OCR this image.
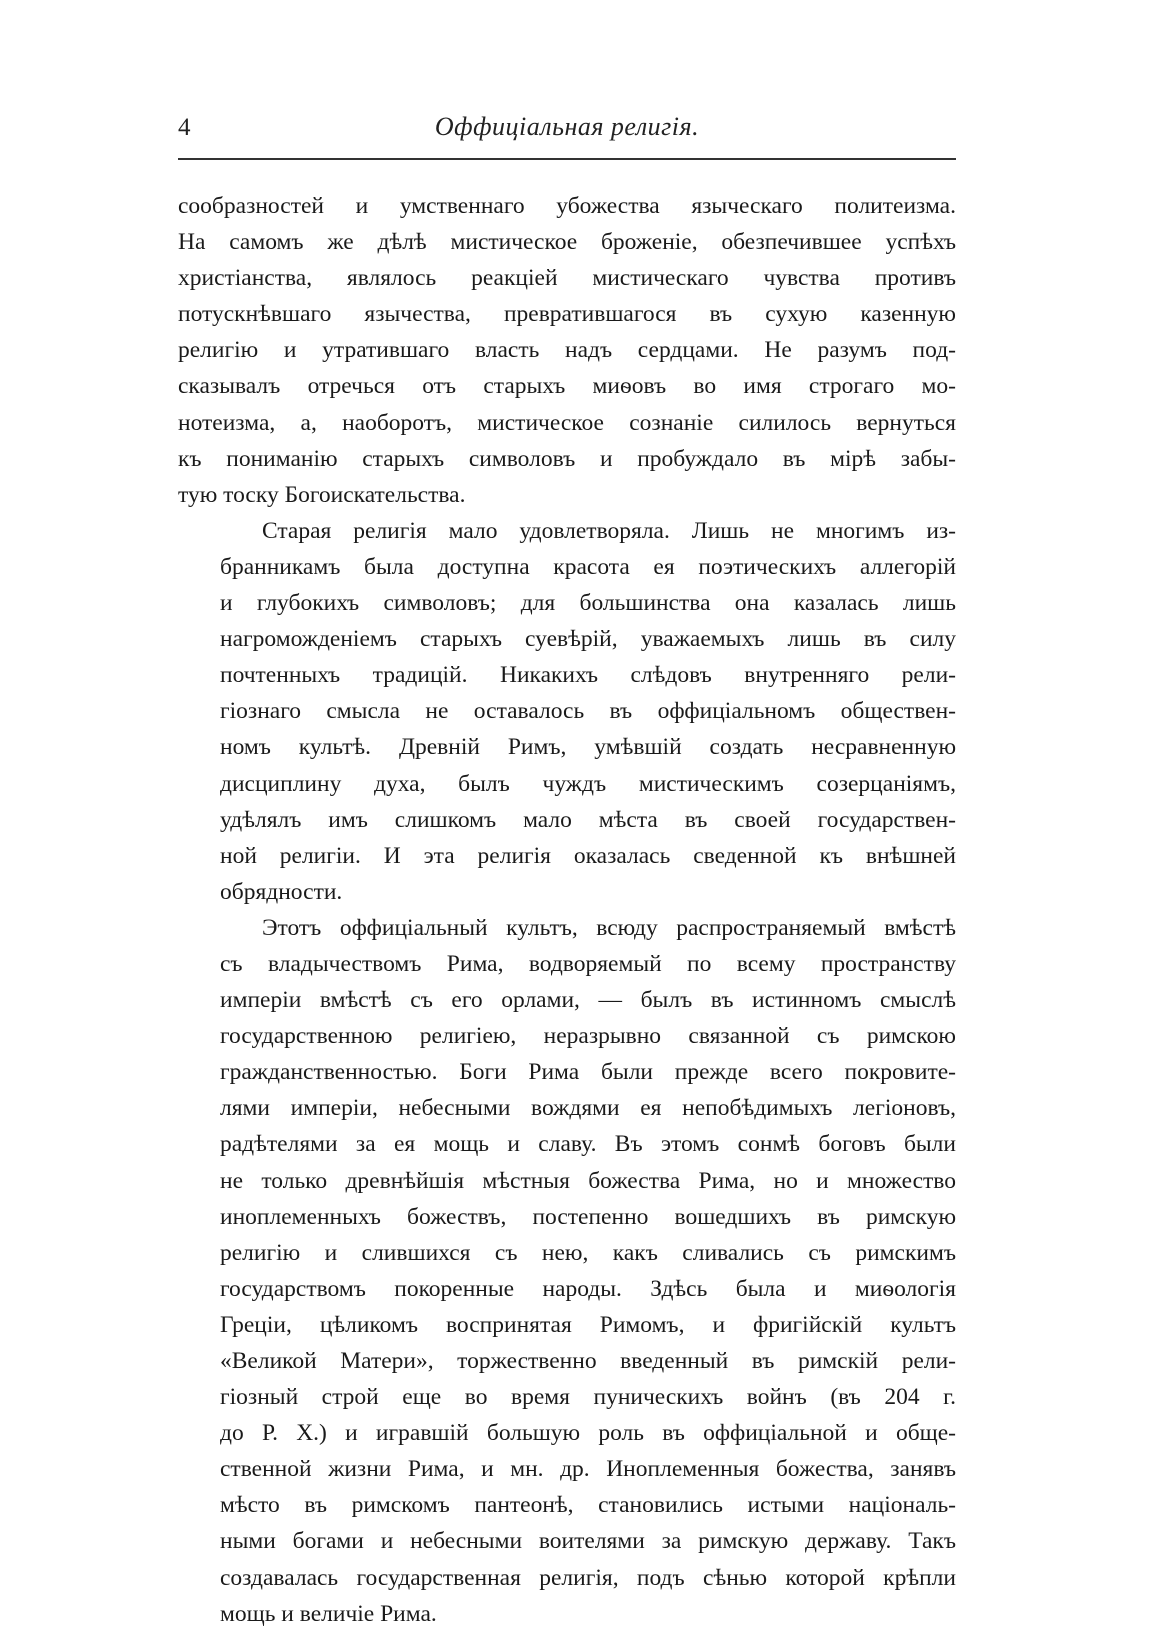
4	Оффиціальная религія.
сообразностей и умственнаго убожества языческаго политеизма.
На самомъ же дѣлѣ мистическое броженіе, обезпечившее успѣхъ
христіанства, являлось реакціей мистическаго чувства противъ
потускнѣвшаго язычества, превратившагося въ сухую казенную
религію и утратившаго власть надъ сердцами. Не разумъ под-
сказывалъ отречься отъ старыхъ миѳовъ во имя строгаго мо-
нотеизма, а, наоборотъ, мистическое сознаніе силилось вернуться
къ пониманію старыхъ символовъ и пробуждало въ мірѣ забы-
тую тоску Богоискательства.
Старая религія мало удовлетворяла. Лишь не многимъ из-
бранникамъ была доступна красота ея поэтическихъ аллегорій
и глубокихъ символовъ; для большинства она казалась лишь
нагроможденіемъ старыхъ суевѣрій, уважаемыхъ лишь въ силу
почтенныхъ традицій. Никакихъ слѣдовъ внутренняго рели-
гіознаго смысла не оставалось въ оффиціальномъ обществен-
номъ культѣ. Древній Римъ, умѣвшій создать несравненную
дисциплину духа, былъ чуждъ мистическимъ созерцаніямъ,
удѣлялъ имъ слишкомъ мало мѣста въ своей государствен-
ной религіи. И эта религія оказалась сведенной къ внѣшней
обрядности.
Этотъ оффиціальный культъ, всюду распространяемый вмѣстѣ
съ владычествомъ Рима, водворяемый по всему пространству
имперіи вмѣстѣ съ его орлами, — былъ въ истинномъ смыслѣ
государственною религіею, неразрывно связанной съ римскою
гражданственностью. Боги Рима были прежде всего покровите-
лями имперіи, небесными вождями ея непобѣдимыхъ легіоновъ,
радѣтелями за ея мощь и славу. Въ этомъ сонмѣ боговъ были
не только древнѣйшія мѣстныя божества Рима, но и множество
иноплеменныхъ божествъ, постепенно вошедшихъ въ римскую
религію и слившихся съ нею, какъ сливались съ римскимъ
государствомъ покоренные народы. Здѣсь была и миѳологія
Греціи, цѣликомъ воспринятая Римомъ, и фригійскій культъ
«Великой Матери», торжественно введенный въ римскій рели-
гіозный строй еще во время пуническихъ войнъ (въ 204 г.
до Р. Х.) и игравшій большую роль въ оффиціальной и обще-
ственной жизни Рима, и мн. др. Иноплеменныя божества, занявъ
мѣсто въ римскомъ пантеонѣ, становились истыми національ-
ными богами и небесными воителями за римскую державу. Такъ
создавалась государственная религія, подъ сѣнью которой крѣпли
мощь и величіе Рима.
